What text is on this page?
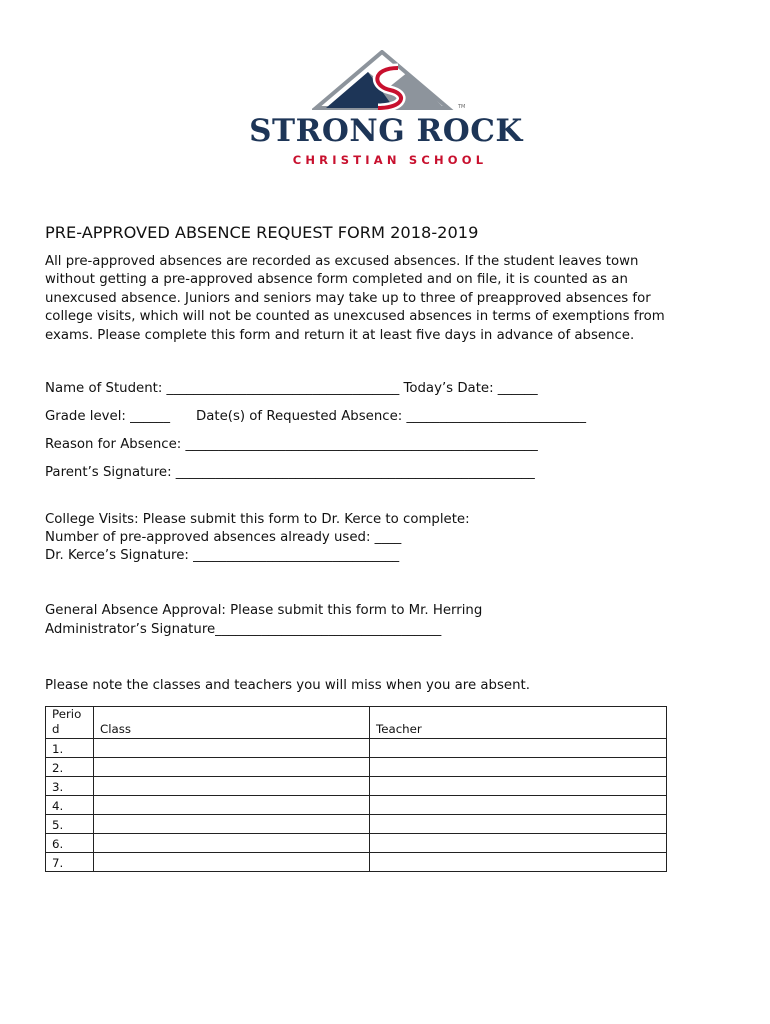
TM
STRONG ROCK
CHRISTIAN SCHOOL
PRE-APPROVED ABSENCE REQUEST FORM 2018-2019
All pre-approved absences are recorded as excused absences. If the student leaves town
without getting a pre-approved absence form completed and on file, it is counted as an
unexcused absence. Juniors and seniors may take up to three of preapproved absences for
college visits, which will not be counted as unexcused absences in terms of exemptions from
exams. Please complete this form and return it at least five days in advance of absence.
Name of Student: ___________________________________ Today’s Date: ______
Grade level: ______ Date(s) of Requested Absence: ___________________________
Reason for Absence: _____________________________________________________
Parent’s Signature: ______________________________________________________
College Visits: Please submit this form to Dr. Kerce to complete:
Number of pre-approved absences already used: ____
Dr. Kerce’s Signature: _______________________________
General Absence Approval: Please submit this form to Mr. Herring
Administrator’s Signature__________________________________
Please note the classes and teachers you will miss when you are absent.
Perio
d	Class	Teacher
1.		
2.		
3.		
4.		
5.		
6.		
7.		
